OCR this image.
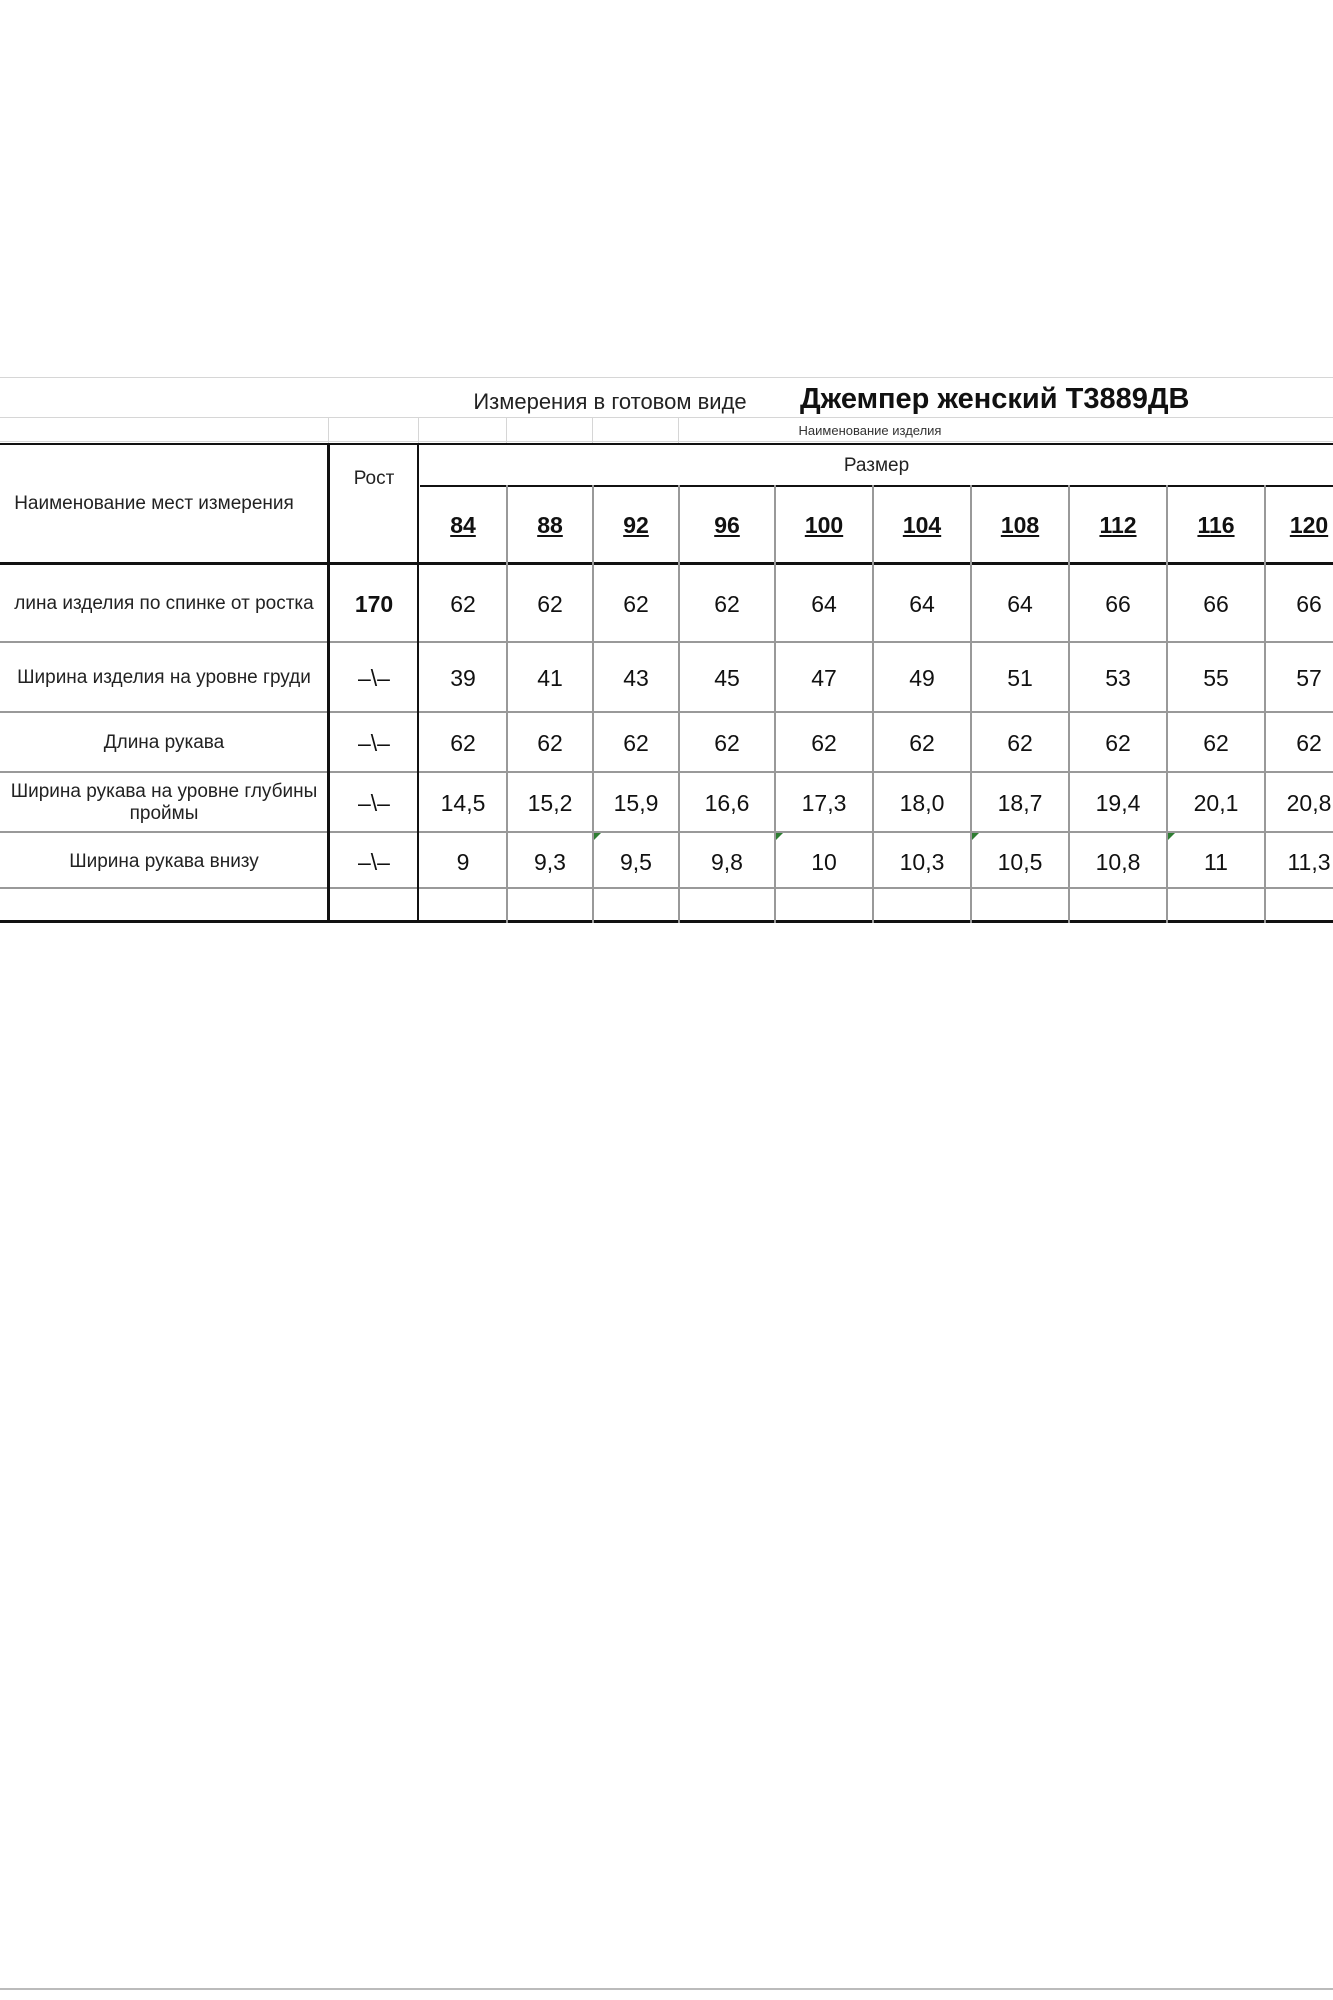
Измерения в готовом виде	Джемпер женский Т3889ДВ
Наименование изделия
Наименование мест измерения
Рост
Размер
84	88	92	96	100	104	108	112	116	120
лина изделия по спинке от ростка	170	62	62	62	62	64	64	64	66	66	66
Ширина изделия на уровне груди	–\–	39	41	43	45	47	49	51	53	55	57
Длина рукава	–\–	62	62	62	62	62	62	62	62	62	62
Ширина рукава на уровне глубины проймы	–\–	14,5	15,2	15,9	16,6	17,3	18,0	18,7	19,4	20,1	20,8
Ширина рукава внизу	–\–	9	9,3	9,5	9,8	10	10,3	10,5	10,8	11	11,3
